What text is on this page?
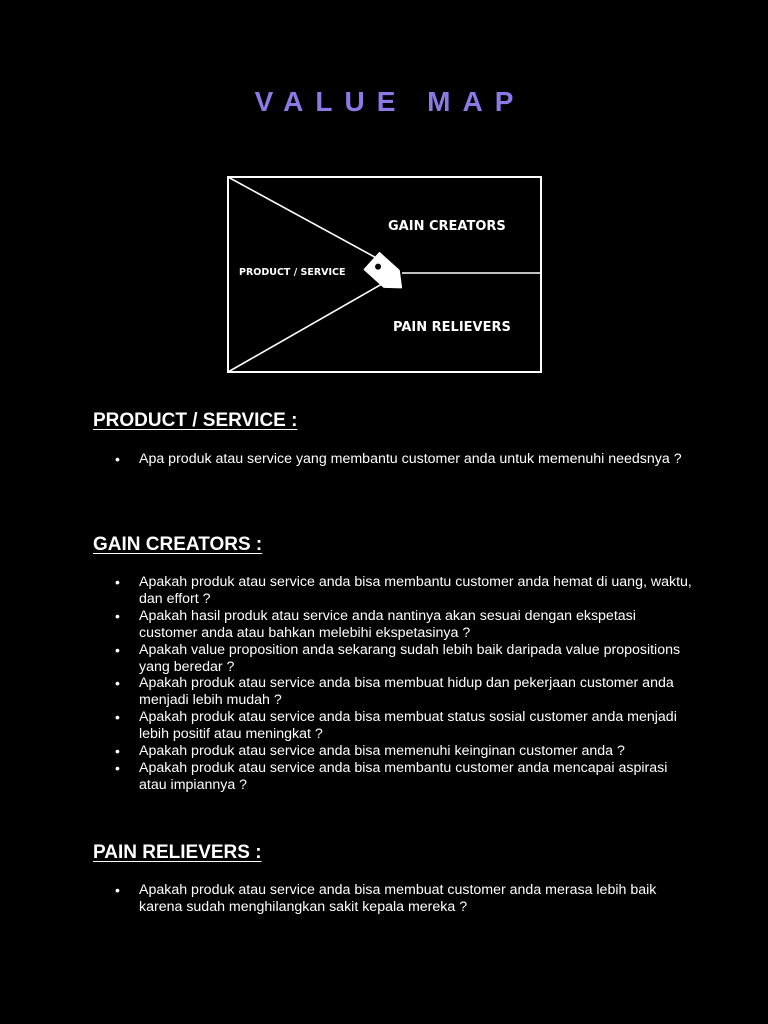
VALUE MAP
PRODUCT / SERVICE
GAIN CREATORS
PAIN RELIEVERS
PRODUCT / SERVICE :
• Apa produk atau service yang membantu customer anda untuk memenuhi needsnya ?
GAIN CREATORS :
• Apakah produk atau service anda bisa membantu customer anda hemat di uang, waktu, dan effort ?
• Apakah hasil produk atau service anda nantinya akan sesuai dengan ekspetasi customer anda atau bahkan melebihi ekspetasinya ?
• Apakah value proposition anda sekarang sudah lebih baik daripada value propositions yang beredar ?
• Apakah produk atau service anda bisa membuat hidup dan pekerjaan customer anda menjadi lebih mudah ?
• Apakah produk atau service anda bisa membuat status sosial customer anda menjadi lebih positif atau meningkat ?
• Apakah produk atau service anda bisa memenuhi keinginan customer anda ?
• Apakah produk atau service anda bisa membantu customer anda mencapai aspirasi atau impiannya ?
PAIN RELIEVERS :
• Apakah produk atau service anda bisa membuat customer anda merasa lebih baik karena sudah menghilangkan sakit kepala mereka ?
